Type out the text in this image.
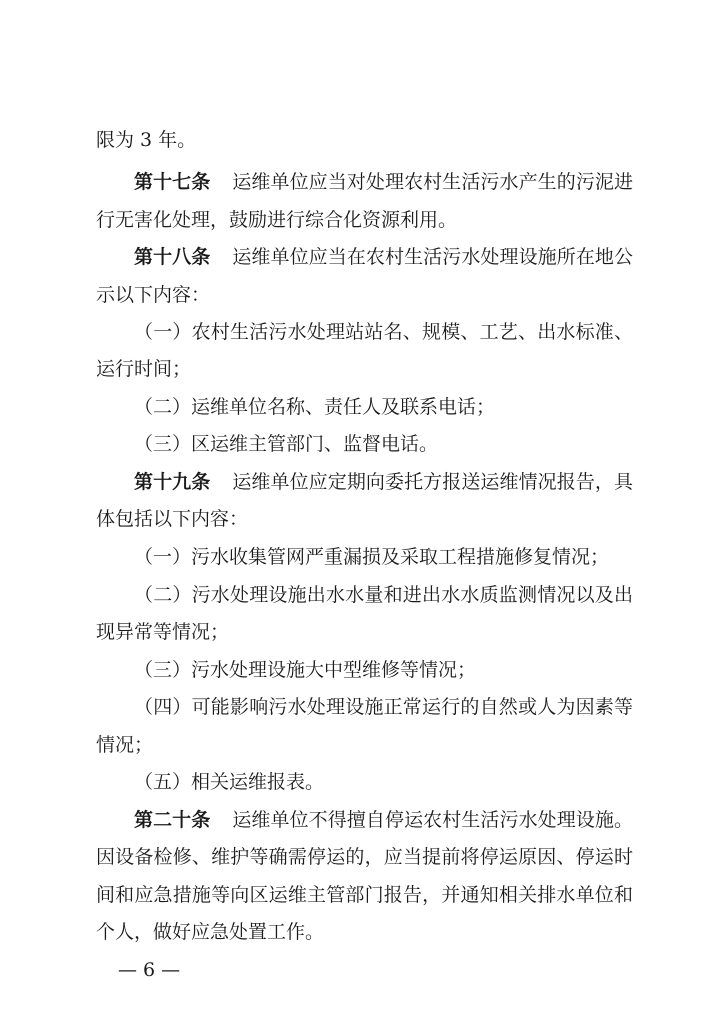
限为 3 年。
第十七条 运维单位应当对处理农村生活污水产生的污泥进
行无害化处理，鼓励进行综合化资源利用。
第十八条 运维单位应当在农村生活污水处理设施所在地公
示以下内容：
（一）农村生活污水处理站站名、规模、工艺、出水标准、
运行时间；
（二）运维单位名称、责任人及联系电话；
（三）区运维主管部门、监督电话。
第十九条 运维单位应定期向委托方报送运维情况报告，具
体包括以下内容：
（一）污水收集管网严重漏损及采取工程措施修复情况；
（二）污水处理设施出水水量和进出水水质监测情况以及出
现异常等情况；
（三）污水处理设施大中型维修等情况；
（四）可能影响污水处理设施正常运行的自然或人为因素等
情况；
（五）相关运维报表。
第二十条 运维单位不得擅自停运农村生活污水处理设施。
因设备检修、维护等确需停运的，应当提前将停运原因、停运时
间和应急措施等向区运维主管部门报告，并通知相关排水单位和
个人，做好应急处置工作。
— 6 —
